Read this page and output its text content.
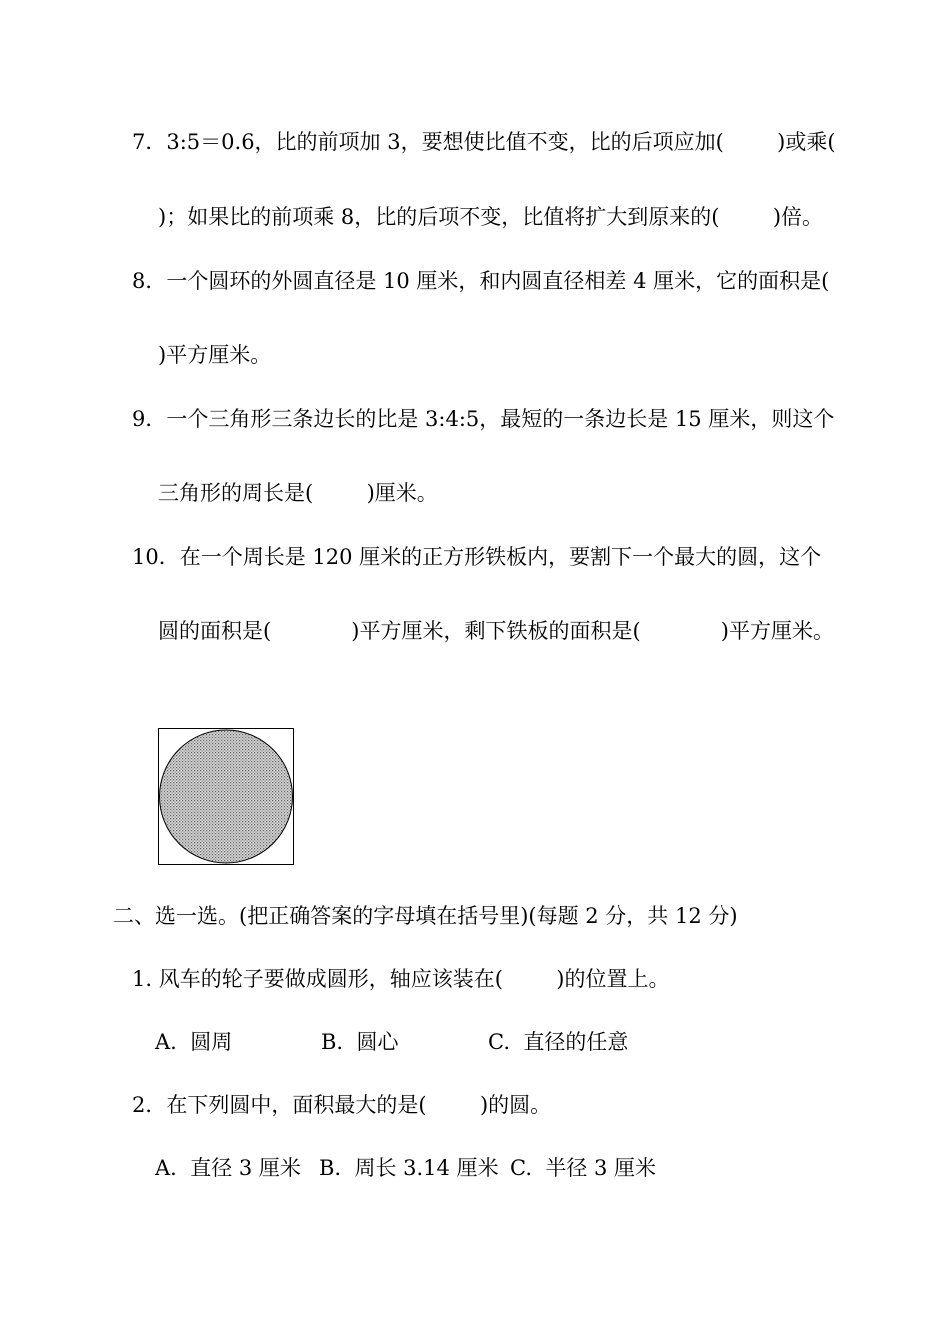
7．3:5＝0.6，比的前项加 3，要想使比值不变，比的后项应加(        )或乘(
)；如果比的前项乘 8，比的后项不变，比值将扩大到原来的(        )倍。
8．一个圆环的外圆直径是 10 厘米，和内圆直径相差 4 厘米，它的面积是(
)平方厘米。
9．一个三角形三条边长的比是 3:4:5，最短的一条边长是 15 厘米，则这个
三角形的周长是(        )厘米。
10．在一个周长是 120 厘米的正方形铁板内，要割下一个最大的圆，这个
圆的面积是(            )平方厘米，剩下铁板的面积是(            )平方厘米。
二、选一选。(把正确答案的字母填在括号里)(每题 2 分，共 12 分)
1. 风车的轮子要做成圆形，轴应该装在(        )的位置上。
A.  圆周	B.  圆心	C.  直径的任意
2．在下列圆中，面积最大的是(        )的圆。
A.  直径 3 厘米 B.  周长 3.14 厘米 C.  半径 3 厘米
